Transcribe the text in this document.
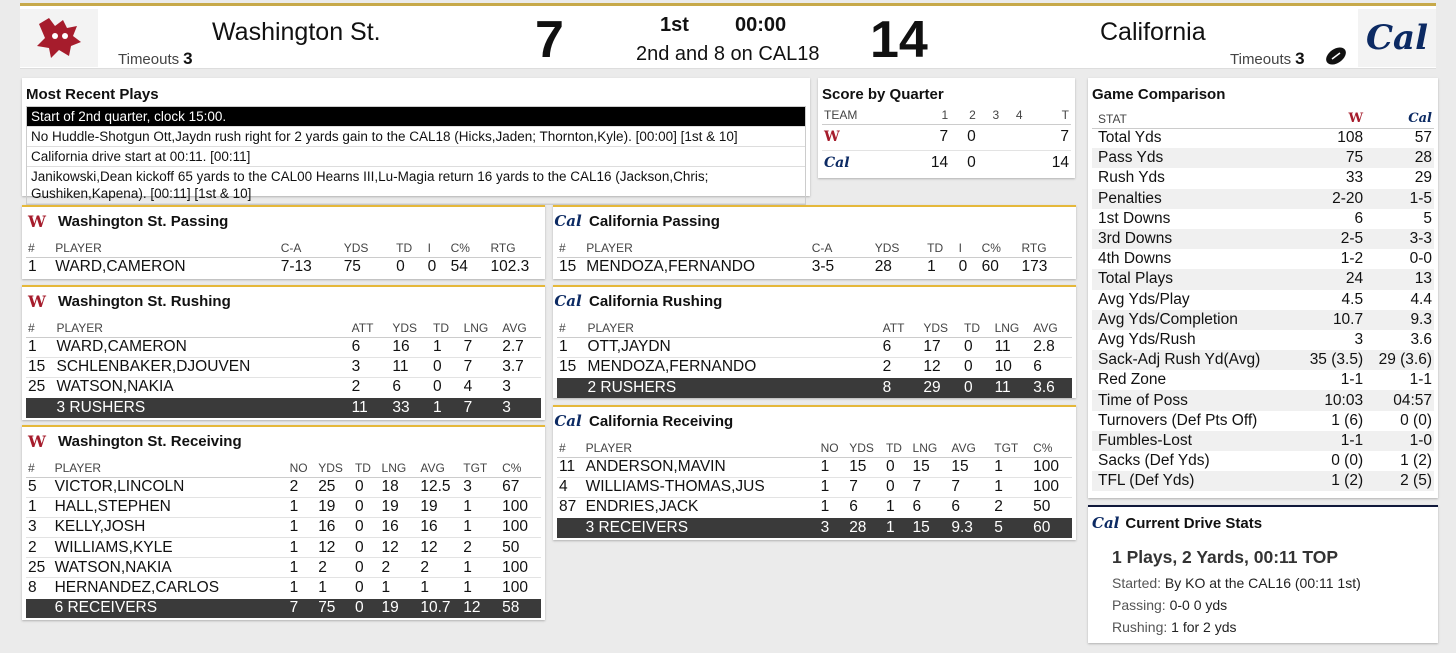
Washington St.
Timeouts 3	7	1st 00:00
2nd and 8 on CAL18 14	California
Timeouts 3
Cal
Most Recent Plays
Start of 2nd quarter, clock 15:00.
No Huddle-Shotgun Ott,Jaydn rush right for 2 yards gain to the CAL18 (Hicks,Jaden; Thornton,Kyle). [00:00] [1st & 10]
California drive start at 00:11. [00:11]
Janikowski,Dean kickoff 65 yards to the CAL00 Hearns III,Lu-Magia return 16 yards to the CAL16 (Jackson,Chris; Gushiken,Kapena). [00:11] [1st & 10]
Score by Quarter
TEAM	1	2	3	4	T
W	7	0			7
Cal	14	0			14
Game Comparison
STAT	W	Cal
Total Yds	108	57
Pass Yds	75	28
Rush Yds	33	29
Penalties	2-20	1-5
1st Downs	6	5
3rd Downs	2-5	3-3
4th Downs	1-2	0-0
Total Plays	24	13
Avg Yds/Play	4.5	4.4
Avg Yds/Completion	10.7	9.3
Avg Yds/Rush	3	3.6
Sack-Adj Rush Yd(Avg)	35 (3.5)	29 (3.6)
Red Zone	1-1	1-1
Time of Poss	10:03	04:57
Turnovers (Def Pts Off)	1 (6)	0 (0)
Fumbles-Lost	1-1	1-0
Sacks (Def Yds)	0 (0)	1 (2)
TFL (Def Yds)	1 (2)	2 (5)
Cal Current Drive Stats
1 Plays, 2 Yards, 00:11 TOP
Started: By KO at the CAL16 (00:11 1st)
Passing: 0-0 0 yds
Rushing: 1 for 2 yds
W Washington St. Passing
#	PLAYER	C-A	YDS	TD	I	C%	RTG
1	WARD,CAMERON	7-13	75	0	0	54	102.3
Cal California Passing
#	PLAYER	C-A	YDS	TD	I	C%	RTG
15	MENDOZA,FERNANDO	3-5	28	1	0	60	173
W Washington St. Rushing
#	PLAYER	ATT	YDS	TD	LNG	AVG
1	WARD,CAMERON	6	16	1	7	2.7
15	SCHLENBAKER,DJOUVEN	3	11	0	7	3.7
25	WATSON,NAKIA	2	6	0	4	3
	3 RUSHERS	11	33	1	7	3
Cal California Rushing
#	PLAYER	ATT	YDS	TD	LNG	AVG
1	OTT,JAYDN	6	17	0	11	2.8
15	MENDOZA,FERNANDO	2	12	0	10	6
	2 RUSHERS	8	29	0	11	3.6
W Washington St. Receiving
#	PLAYER	NO	YDS	TD	LNG	AVG	TGT	C%
5	VICTOR,LINCOLN	2	25	0	18	12.5	3	67
1	HALL,STEPHEN	1	19	0	19	19	1	100
3	KELLY,JOSH	1	16	0	16	16	1	100
2	WILLIAMS,KYLE	1	12	0	12	12	2	50
25	WATSON,NAKIA	1	2	0	2	2	1	100
8	HERNANDEZ,CARLOS	1	1	0	1	1	1	100
	6 RECEIVERS	7	75	0	19	10.7	12	58
Cal California Receiving
#	PLAYER	NO	YDS	TD	LNG	AVG	TGT	C%
11	ANDERSON,MAVIN	1	15	0	15	15	1	100
4	WILLIAMS-THOMAS,JUS	1	7	0	7	7	1	100
87	ENDRIES,JACK	1	6	1	6	6	2	50
	3 RECEIVERS	3	28	1	15	9.3	5	60
